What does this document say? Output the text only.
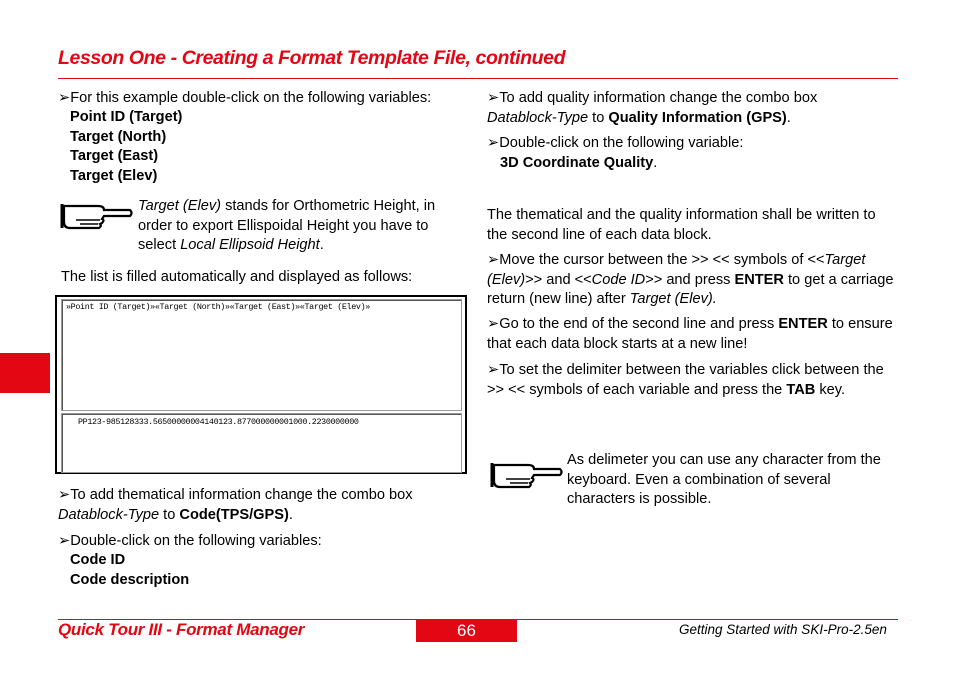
Lesson One - Creating a Format Template File, continued
➢For this example double-click on the following variables:
Point ID (Target)
Target (North)
Target (East)
Target (Elev)
Target (Elev) stands for Orthometric Height, in order to export Ellispoidal Height you have to select Local Ellipsoid Height.
The list is filled automatically and displayed as follows:
»Point ID (Target)»«Target (North)»«Target (East)»«Target (Elev)»
PP123-985128333.56500000004140123.877000000001000.2230000000
➢To add thematical information change the combo box Datablock-Type to Code(TPS/GPS).
➢Double-click on the following variables:
Code ID
Code description
➢To add quality information change the combo box Datablock-Type to Quality Information (GPS).
➢Double-click on the following variable:
3D Coordinate Quality.
The thematical and the quality information shall be written to the second line of each data block.
➢Move the cursor between the >> << symbols of <<Target (Elev)>> and <<Code ID>> and press ENTER to get a carriage return (new line) after Target (Elev).
➢Go to the end of the second line and press ENTER to ensure that each data block starts at a new line!
➢To set the delimiter between the variables click between the >> << symbols of each variable and press the TAB key.
As delimeter you can use any character from the keyboard. Even a combination of several characters is possible.
Quick Tour III - Format Manager	66	Getting Started with SKI-Pro-2.5en
